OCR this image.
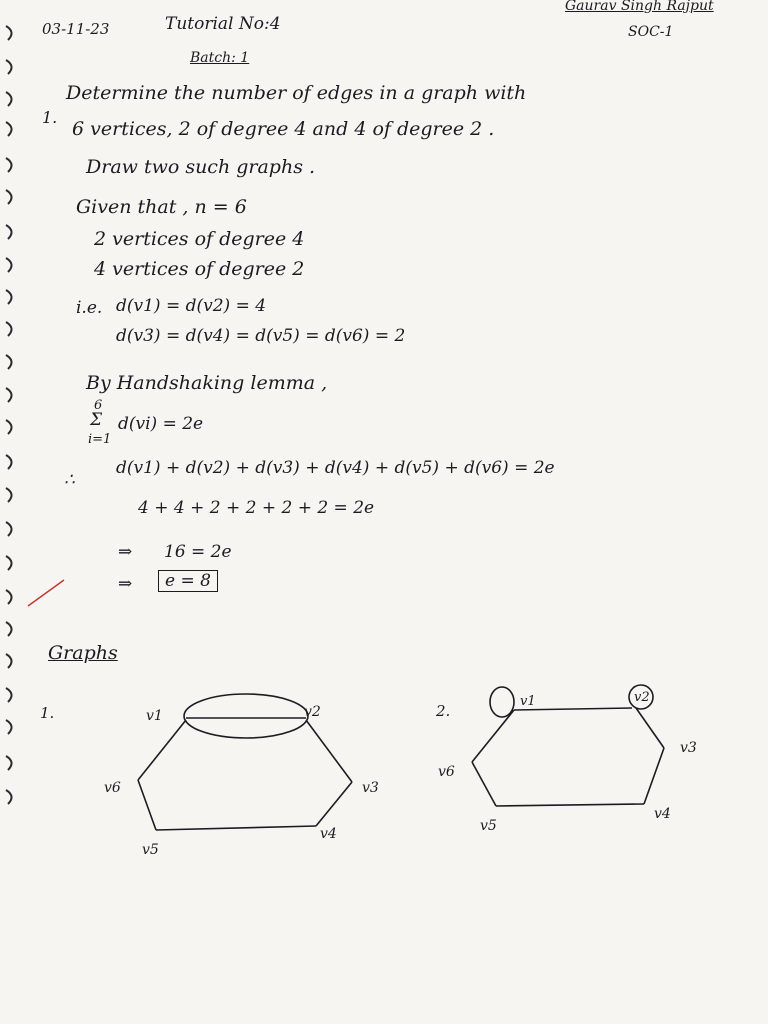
03-11-23	Tutorial No:4
Batch: 1
Gaurav Singh Rajput
SOC-1
1.
Determine the number of edges in a graph with
6 vertices, 2 of degree 4 and 4 of degree 2 .
Draw two such graphs .
Given that , n = 6
2 vertices of degree 4
4 vertices of degree 2
i.e. d(v1) = d(v2) = 4
d(v3) = d(v4) = d(v5) = d(v6) = 2
By Handshaking lemma ,
6
Σ
i=1
d(vi) = 2e
∴
d(v1) + d(v2) + d(v3) + d(v4) + d(v5) + d(v6) = 2e
4 + 4 + 2 + 2 + 2 + 2 = 2e
⇒ 16 = 2e
⇒	e = 8
Graphs
1.	v1	v2
v3
v4
v5
v6
2.
v1	v2
v3
v4
v5
v6
